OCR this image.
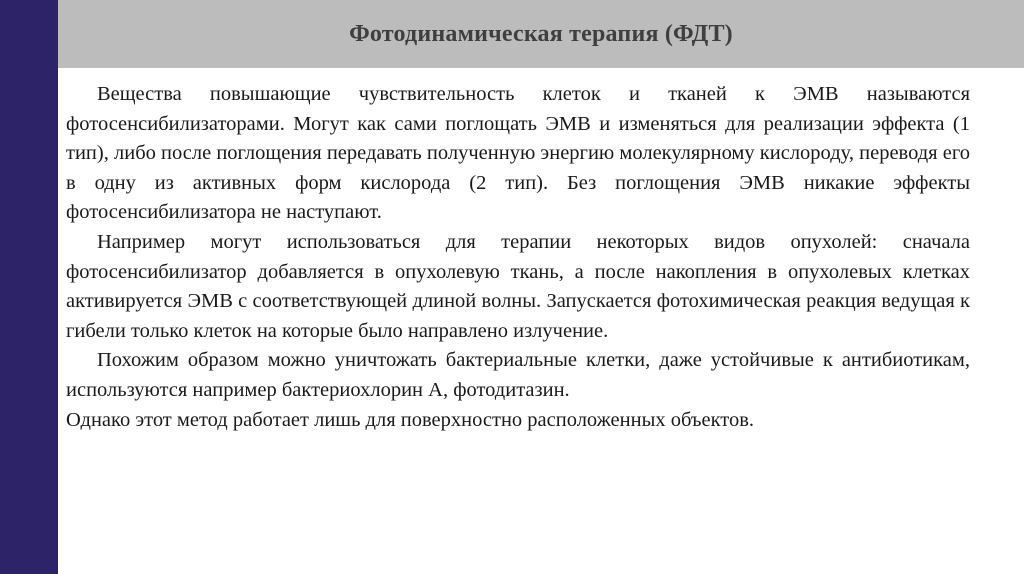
Фотодинамическая терапия (ФДТ)

Вещества повышающие чувствительность клеток и тканей к ЭМВ называются фотосенсибилизаторами. Могут как сами поглощать ЭМВ и изменяться для реализации эффекта (1 тип), либо после поглощения передавать полученную энергию молекулярному кислороду, переводя его в одну из активных форм кислорода (2 тип). Без поглощения ЭМВ никакие эффекты фотосенсибилизатора не наступают.

Например могут использоваться для терапии некоторых видов опухолей: сначала фотосенсибилизатор добавляется в опухолевую ткань, а после накопления в опухолевых клетках активируется ЭМВ с соответствующей длиной волны. Запускается фотохимическая реакция ведущая к гибели только клеток на которые было направлено излучение.

Похожим образом можно уничтожать бактериальные клетки, даже устойчивые к антибиотикам, используются например бактериохлорин А, фотодитазин.

Однако этот метод работает лишь для поверхностно расположенных объектов.
